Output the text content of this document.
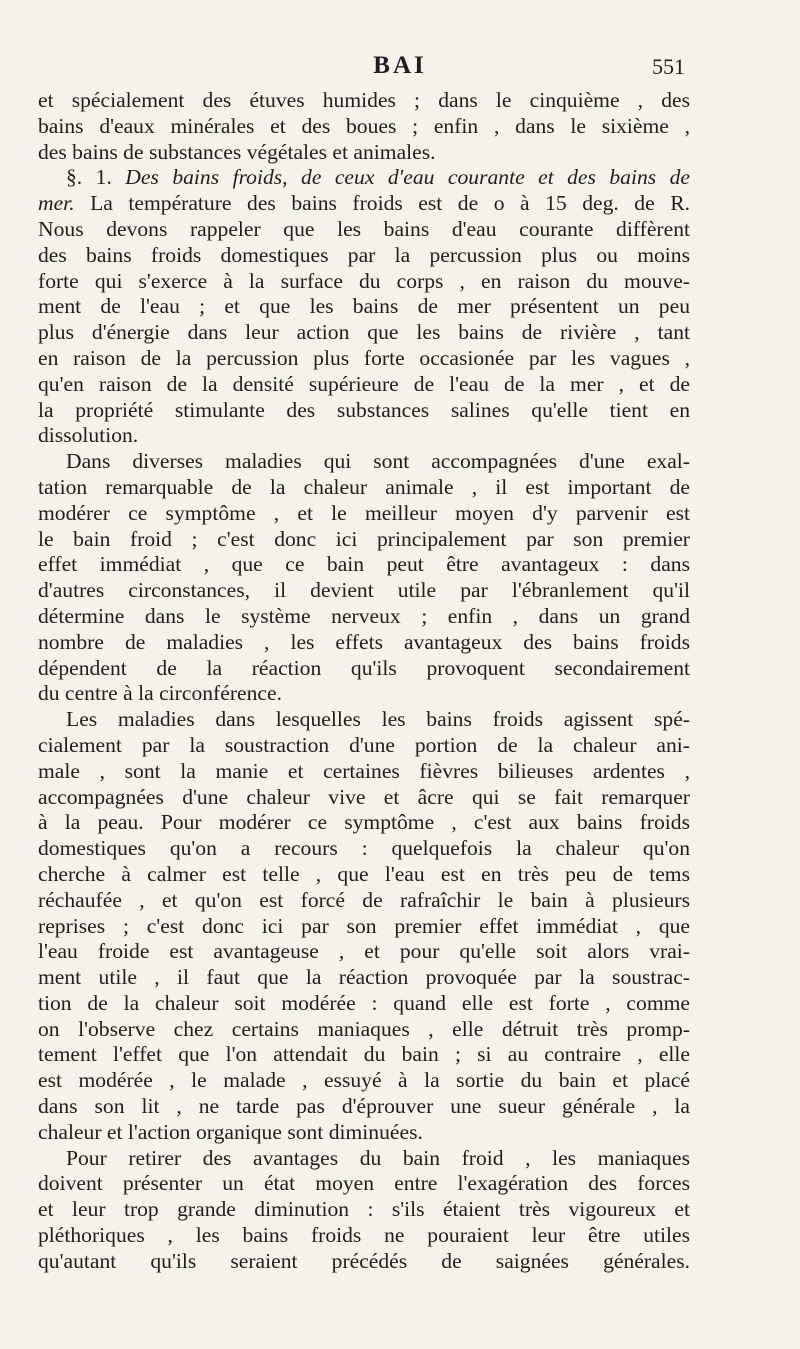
BAI	551
et spécialement des étuves humides ; dans le cinquième , des
bains d'eaux minérales et des boues ; enfin , dans le sixième ,
des bains de substances végétales et animales.
§. 1. Des bains froids, de ceux d'eau courante et des bains de
mer. La température des bains froids est de o à 15 deg. de R.
Nous devons rappeler que les bains d'eau courante diffèrent
des bains froids domestiques par la percussion plus ou moins
forte qui s'exerce à la surface du corps , en raison du mouve-
ment de l'eau ; et que les bains de mer présentent un peu
plus d'énergie dans leur action que les bains de rivière , tant
en raison de la percussion plus forte occasionée par les vagues ,
qu'en raison de la densité supérieure de l'eau de la mer , et de
la propriété stimulante des substances salines qu'elle tient en
dissolution.
Dans diverses maladies qui sont accompagnées d'une exal-
tation remarquable de la chaleur animale , il est important de
modérer ce symptôme , et le meilleur moyen d'y parvenir est
le bain froid ; c'est donc ici principalement par son premier
effet immédiat , que ce bain peut être avantageux : dans
d'autres circonstances, il devient utile par l'ébranlement qu'il
détermine dans le système nerveux ; enfin , dans un grand
nombre de maladies , les effets avantageux des bains froids
dépendent de la réaction qu'ils provoquent secondairement
du centre à la circonférence.
Les maladies dans lesquelles les bains froids agissent spé-
cialement par la soustraction d'une portion de la chaleur ani-
male , sont la manie et certaines fièvres bilieuses ardentes ,
accompagnées d'une chaleur vive et âcre qui se fait remarquer
à la peau. Pour modérer ce symptôme , c'est aux bains froids
domestiques qu'on a recours : quelquefois la chaleur qu'on
cherche à calmer est telle , que l'eau est en très peu de tems
réchaufée , et qu'on est forcé de rafraîchir le bain à plusieurs
reprises ; c'est donc ici par son premier effet immédiat , que
l'eau froide est avantageuse , et pour qu'elle soit alors vrai-
ment utile , il faut que la réaction provoquée par la soustrac-
tion de la chaleur soit modérée : quand elle est forte , comme
on l'observe chez certains maniaques , elle détruit très promp-
tement l'effet que l'on attendait du bain ; si au contraire , elle
est modérée , le malade , essuyé à la sortie du bain et placé
dans son lit , ne tarde pas d'éprouver une sueur générale , la
chaleur et l'action organique sont diminuées.
Pour retirer des avantages du bain froid , les maniaques
doivent présenter un état moyen entre l'exagération des forces
et leur trop grande diminution : s'ils étaient très vigoureux et
pléthoriques , les bains froids ne pouraient leur être utiles
qu'autant qu'ils seraient précédés de saignées générales.
